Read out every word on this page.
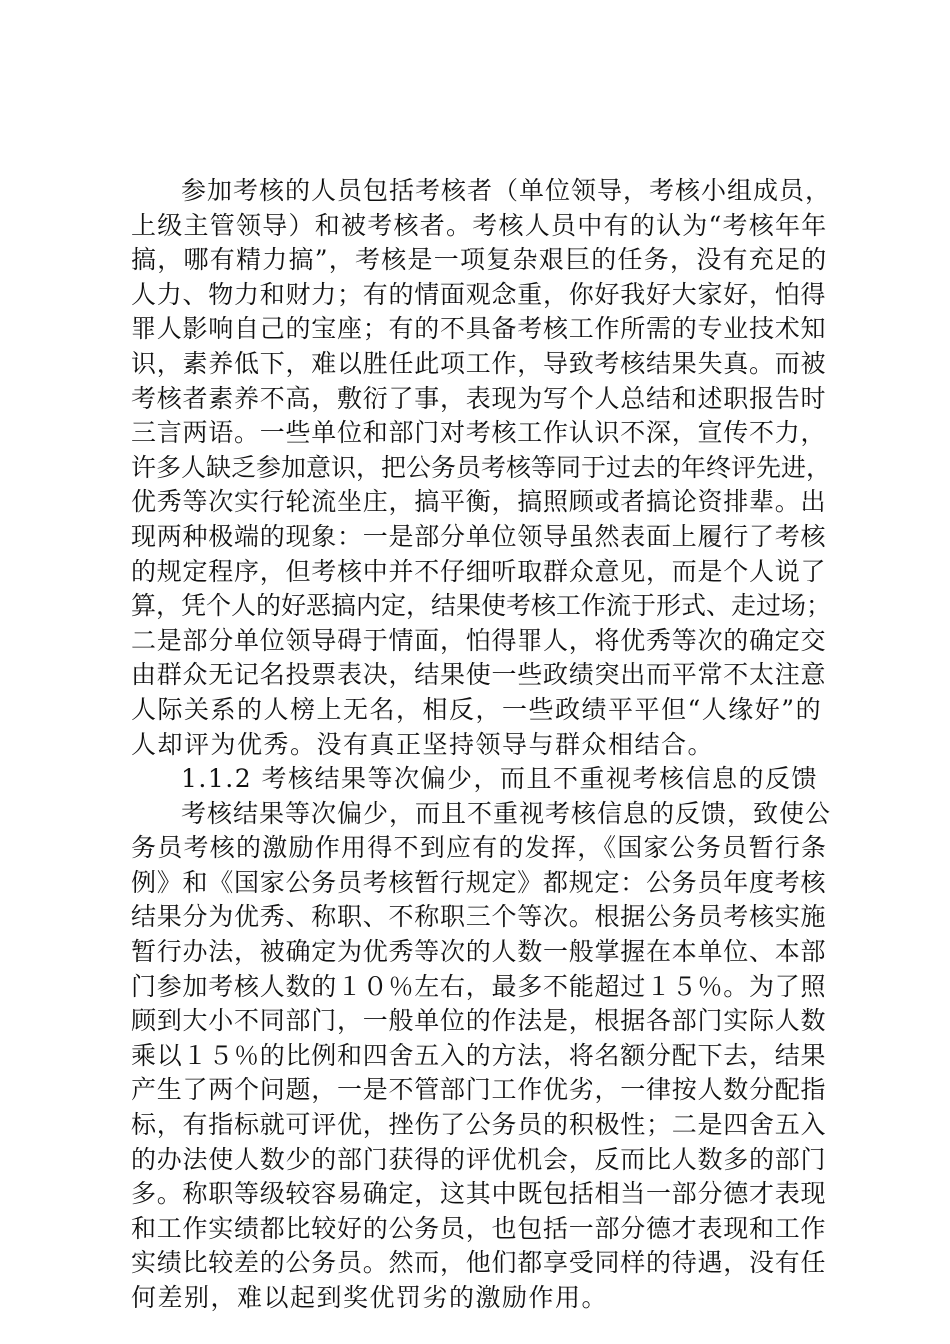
参加考核的人员包括考核者（单位领导，考核小组成员，
上级主管领导）和被考核者。考核人员中有的认为“考核年年
搞，哪有精力搞”，考核是一项复杂艰巨的任务，没有充足的
人力、物力和财力；有的情面观念重，你好我好大家好，怕得
罪人影响自己的宝座；有的不具备考核工作所需的专业技术知
识，素养低下，难以胜任此项工作，导致考核结果失真。而被
考核者素养不高，敷衍了事，表现为写个人总结和述职报告时
三言两语。一些单位和部门对考核工作认识不深，宣传不力，
许多人缺乏参加意识，把公务员考核等同于过去的年终评先进，
优秀等次实行轮流坐庄，搞平衡，搞照顾或者搞论资排辈。出
现两种极端的现象：一是部分单位领导虽然表面上履行了考核
的规定程序，但考核中并不仔细听取群众意见，而是个人说了
算，凭个人的好恶搞内定，结果使考核工作流于形式、走过场；
二是部分单位领导碍于情面，怕得罪人，将优秀等次的确定交
由群众无记名投票表决，结果使一些政绩突出而平常不太注意
人际关系的人榜上无名，相反，一些政绩平平但“人缘好”的
人却评为优秀。没有真正坚持领导与群众相结合。
1.1.2 考核结果等次偏少，而且不重视考核信息的反馈
考核结果等次偏少，而且不重视考核信息的反馈，致使公
务员考核的激励作用得不到应有的发挥，《国家公务员暂行条
例》和《国家公务员考核暂行规定》都规定：公务员年度考核
结果分为优秀、称职、不称职三个等次。根据公务员考核实施
暂行办法，被确定为优秀等次的人数一般掌握在本单位、本部
门参加考核人数的１０％左右，最多不能超过１５％。为了照
顾到大小不同部门，一般单位的作法是，根据各部门实际人数
乘以１５％的比例和四舍五入的方法，将名额分配下去，结果
产生了两个问题，一是不管部门工作优劣，一律按人数分配指
标，有指标就可评优，挫伤了公务员的积极性；二是四舍五入
的办法使人数少的部门获得的评优机会，反而比人数多的部门
多。称职等级较容易确定，这其中既包括相当一部分德才表现
和工作实绩都比较好的公务员，也包括一部分德才表现和工作
实绩比较差的公务员。然而，他们都享受同样的待遇，没有任
何差别，难以起到奖优罚劣的激励作用。
